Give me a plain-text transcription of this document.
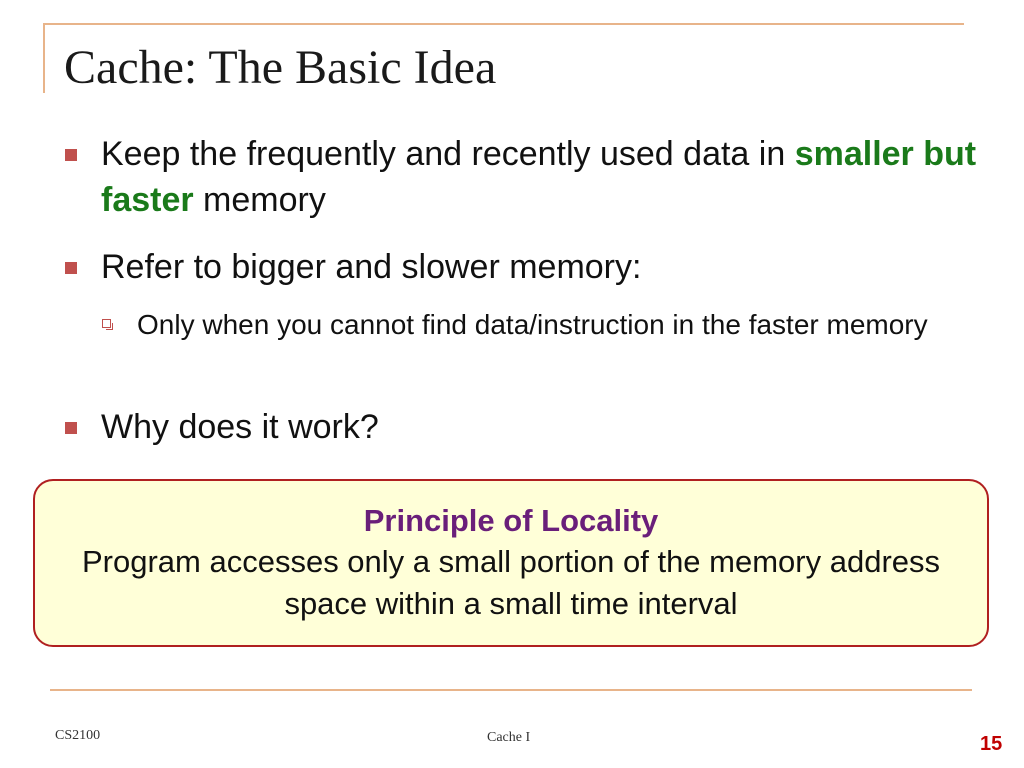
Cache: The Basic Idea
Keep the frequently and recently used data in smaller but faster memory
Refer to bigger and slower memory:
Only when you cannot find data/instruction in the faster memory
Why does it work?
Principle of Locality
Program accesses only a small portion of the memory address space within a small time interval
CS2100	Cache I	15
